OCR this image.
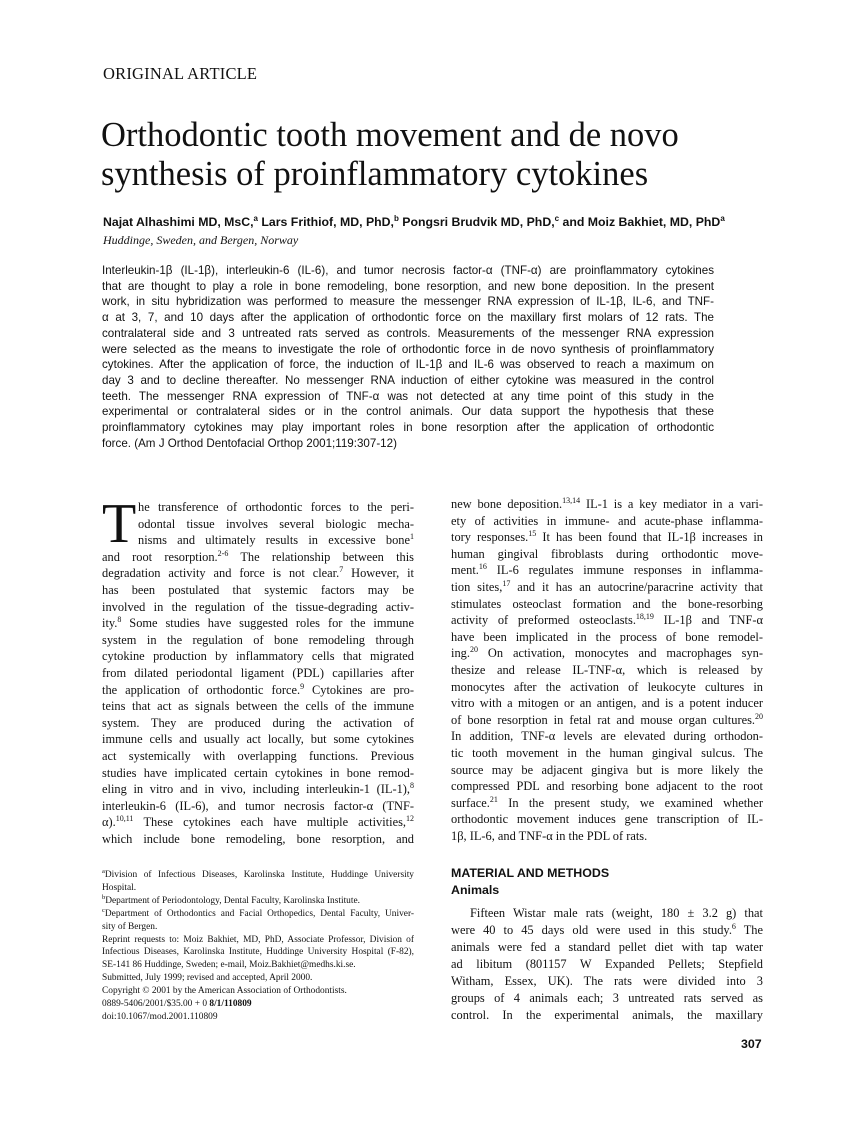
ORIGINAL ARTICLE
Orthodontic tooth movement and de novo
synthesis of proinflammatory cytokines
Najat Alhashimi MD, MsC,$^a$ Lars Frithiof, MD, PhD,$^b$ Pongsri Brudvik MD, PhD,$^c$ and Moiz Bakhiet, MD, PhD$^a$
Huddinge, Sweden, and Bergen, Norway
Interleukin-1β (IL-1β), interleukin-6 (IL-6), and tumor necrosis factor-α (TNF-α) are proinflammatory cytokines
that are thought to play a role in bone remodeling, bone resorption, and new bone deposition. In the present
work, in situ hybridization was performed to measure the messenger RNA expression of IL-1β, IL-6, and TNF-
α at 3, 7, and 10 days after the application of orthodontic force on the maxillary first molars of 12 rats. The
contralateral side and 3 untreated rats served as controls. Measurements of the messenger RNA expression
were selected as the means to investigate the role of orthodontic force in de novo synthesis of proinflammatory
cytokines. After the application of force, the induction of IL-1β and IL-6 was observed to reach a maximum on
day 3 and to decline thereafter. No messenger RNA induction of either cytokine was measured in the control
teeth. The messenger RNA expression of TNF-α was not detected at any time point of this study in the
experimental or contralateral sides or in the control animals. Our data support the hypothesis that these
proinflammatory cytokines may play important roles in bone resorption after the application of orthodontic
force. (Am J Orthod Dentofacial Orthop 2001;119:307-12)
T he transference of orthodontic forces to the peri-
odontal tissue involves several biologic mecha-
nisms and ultimately results in excessive bone$^1$
and root resorption.$^{2-6}$ The relationship between this
degradation activity and force is not clear.$^7$ However, it
has been postulated that systemic factors may be
involved in the regulation of the tissue-degrading activ-
ity.$^8$ Some studies have suggested roles for the immune
system in the regulation of bone remodeling through
cytokine production by inflammatory cells that migrated
from dilated periodontal ligament (PDL) capillaries after
the application of orthodontic force.$^9$ Cytokines are pro-
teins that act as signals between the cells of the immune
system. They are produced during the activation of
immune cells and usually act locally, but some cytokines
act systemically with overlapping functions. Previous
studies have implicated certain cytokines in bone remod-
eling in vitro and in vivo, including interleukin-1 (IL-1),$^8$
interleukin-6 (IL-6), and tumor necrosis factor-α (TNF-
α).$^{10,11}$ These cytokines each have multiple activities,$^{12}$
which include bone remodeling, bone resorption, and
new bone deposition.$^{13,14}$ IL-1 is a key mediator in a vari-
ety of activities in immune- and acute-phase inflamma-
tory responses.$^{15}$ It has been found that IL-1β increases in
human gingival fibroblasts during orthodontic move-
ment.$^{16}$ IL-6 regulates immune responses in inflamma-
tion sites,$^{17}$ and it has an autocrine/paracrine activity that
stimulates osteoclast formation and the bone-resorbing
activity of preformed osteoclasts.$^{18,19}$ IL-1β and TNF-α
have been implicated in the process of bone remodel-
ing.$^{20}$ On activation, monocytes and macrophages syn-
thesize and release IL-TNF-α, which is released by
monocytes after the activation of leukocyte cultures in
vitro with a mitogen or an antigen, and is a potent inducer
of bone resorption in fetal rat and mouse organ cultures.$^{20}$
In addition, TNF-α levels are elevated during orthodon-
tic tooth movement in the human gingival sulcus. The
source may be adjacent gingiva but is more likely the
compressed PDL and resorbing bone adjacent to the root
surface.$^{21}$ In the present study, we examined whether
orthodontic movement induces gene transcription of IL-
1β, IL-6, and TNF-α in the PDL of rats.
$^a$Division of Infectious Diseases, Karolinska Institute, Huddinge University
Hospital.
$^b$Department of Periodontology, Dental Faculty, Karolinska Institute.
$^c$Department of Orthodontics and Facial Orthopedics, Dental Faculty, Univer-
sity of Bergen.
Reprint requests to: Moiz Bakhiet, MD, PhD, Associate Professor, Division of
Infectious Diseases, Karolinska Institute, Huddinge University Hospital (F-82),
SE-141 86 Huddinge, Sweden; e-mail, Moiz.Bakhiet@medhs.ki.se.
Submitted, July 1999; revised and accepted, April 2000.
Copyright © 2001 by the American Association of Orthodontists.
0889-5406/2001/$35.00 + 0 8/1/110809
doi:10.1067/mod.2001.110809
MATERIAL AND METHODS
Animals
Fifteen Wistar male rats (weight, 180 ± 3.2 g) that
were 40 to 45 days old were used in this study.$^6$ The
animals were fed a standard pellet diet with tap water
ad libitum (801157 W Expanded Pellets; Stepfield
Witham, Essex, UK). The rats were divided into 3
groups of 4 animals each; 3 untreated rats served as
control. In the experimental animals, the maxillary
307
